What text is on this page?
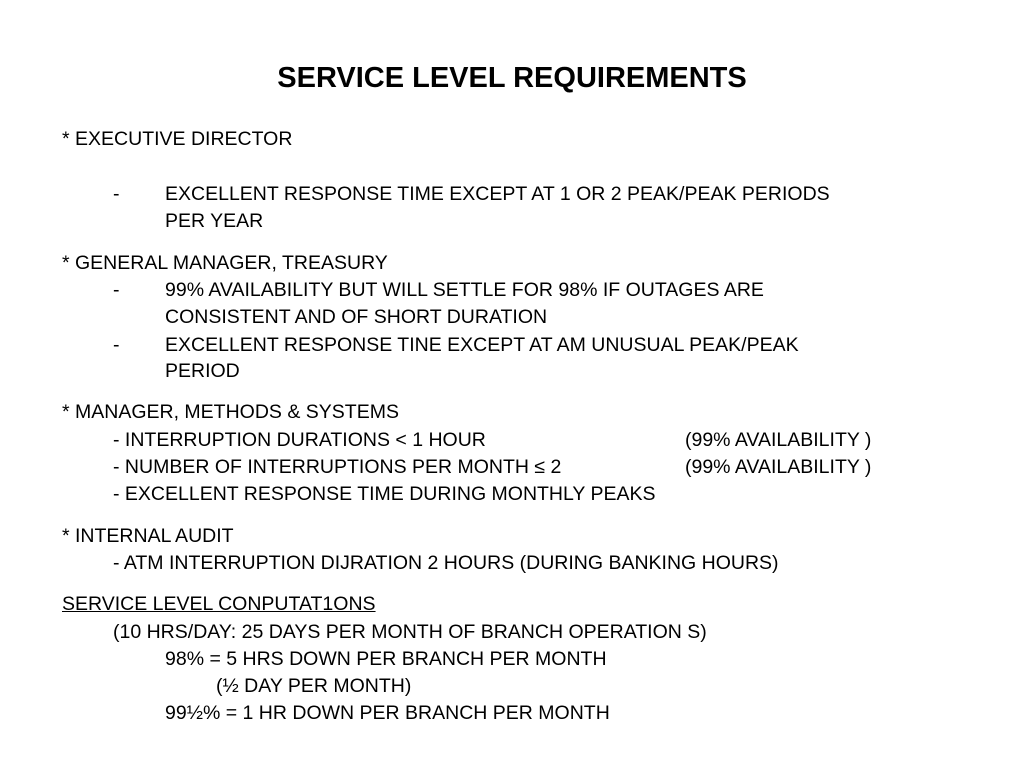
SERVICE LEVEL REQUIREMENTS
* EXECUTIVE DIRECTOR
- EXCELLENT RESPONSE TIME EXCEPT AT 1 OR 2 PEAK/PEAK PERIODS
PER YEAR
* GENERAL MANAGER, TREASURY
- 99% AVAILABILITY BUT WILL SETTLE FOR 98% IF OUTAGES ARE
CONSISTENT AND OF SHORT DURATION
- EXCELLENT RESPONSE TINE EXCEPT AT AM UNUSUAL PEAK/PEAK
PERIOD
* MANAGER, METHODS & SYSTEMS
- INTERRUPTION DURATIONS < 1 HOUR	(99% AVAILABILITY )
- NUMBER OF INTERRUPTIONS PER MONTH ≤ 2	(99% AVAILABILITY )
- EXCELLENT RESPONSE TIME DURING MONTHLY PEAKS
* INTERNAL AUDIT
- ATM INTERRUPTION DIJRATION 2 HOURS (DURING BANKING HOURS)
SERVICE LEVEL CONPUTAT1ONS
(10 HRS/DAY: 25 DAYS PER MONTH OF BRANCH OPERATION S)
98% = 5 HRS DOWN PER BRANCH PER MONTH
(½ DAY PER MONTH)
99½% = 1 HR DOWN PER BRANCH PER MONTH
